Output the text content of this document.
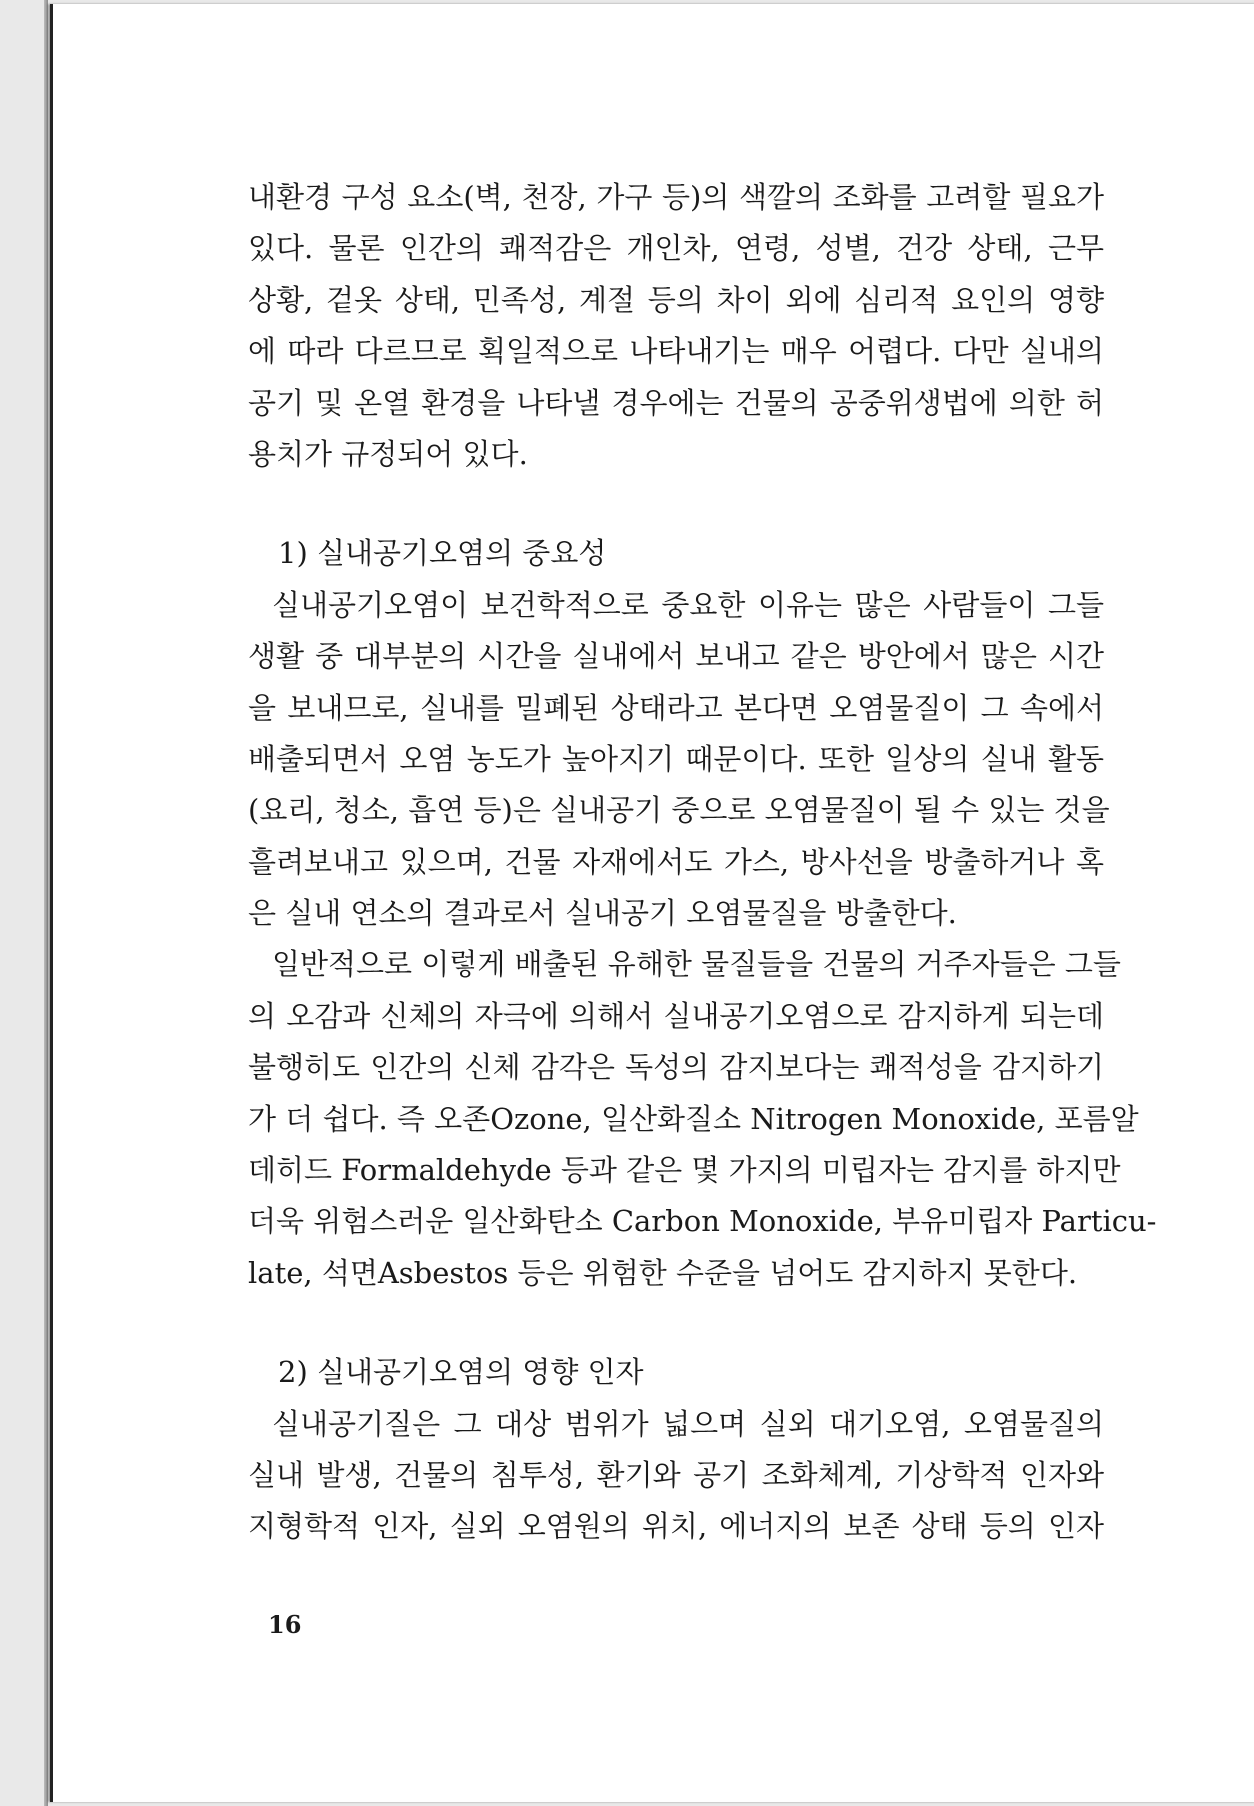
내환경 구성 요소(벽, 천장, 가구 등)의 색깔의 조화를 고려할 필요가
있다. 물론 인간의 쾌적감은 개인차, 연령, 성별, 건강 상태, 근무
상황, 겉옷 상태, 민족성, 계절 등의 차이 외에 심리적 요인의 영향
에 따라 다르므로 획일적으로 나타내기는 매우 어렵다. 다만 실내의
공기 및 온열 환경을 나타낼 경우에는 건물의 공중위생법에 의한 허
용치가 규정되어 있다.
1) 실내공기오염의 중요성
실내공기오염이 보건학적으로 중요한 이유는 많은 사람들이 그들
생활 중 대부분의 시간을 실내에서 보내고 같은 방안에서 많은 시간
을 보내므로, 실내를 밀폐된 상태라고 본다면 오염물질이 그 속에서
배출되면서 오염 농도가 높아지기 때문이다. 또한 일상의 실내 활동
(요리, 청소, 흡연 등)은 실내공기 중으로 오염물질이 될 수 있는 것을
흘려보내고 있으며, 건물 자재에서도 가스, 방사선을 방출하거나 혹
은 실내 연소의 결과로서 실내공기 오염물질을 방출한다.
일반적으로 이렇게 배출된 유해한 물질들을 건물의 거주자들은 그들
의 오감과 신체의 자극에 의해서 실내공기오염으로 감지하게 되는데
불행히도 인간의 신체 감각은 독성의 감지보다는 쾌적성을 감지하기
가 더 쉽다. 즉 오존Ozone, 일산화질소 Nitrogen Monoxide, 포름알
데히드 Formaldehyde 등과 같은 몇 가지의 미립자는 감지를 하지만
더욱 위험스러운 일산화탄소 Carbon Monoxide, 부유미립자 Particu-
late, 석면Asbestos 등은 위험한 수준을 넘어도 감지하지 못한다.
2) 실내공기오염의 영향 인자
실내공기질은 그 대상 범위가 넓으며 실외 대기오염, 오염물질의
실내 발생, 건물의 침투성, 환기와 공기 조화체계, 기상학적 인자와
지형학적 인자, 실외 오염원의 위치, 에너지의 보존 상태 등의 인자
16
